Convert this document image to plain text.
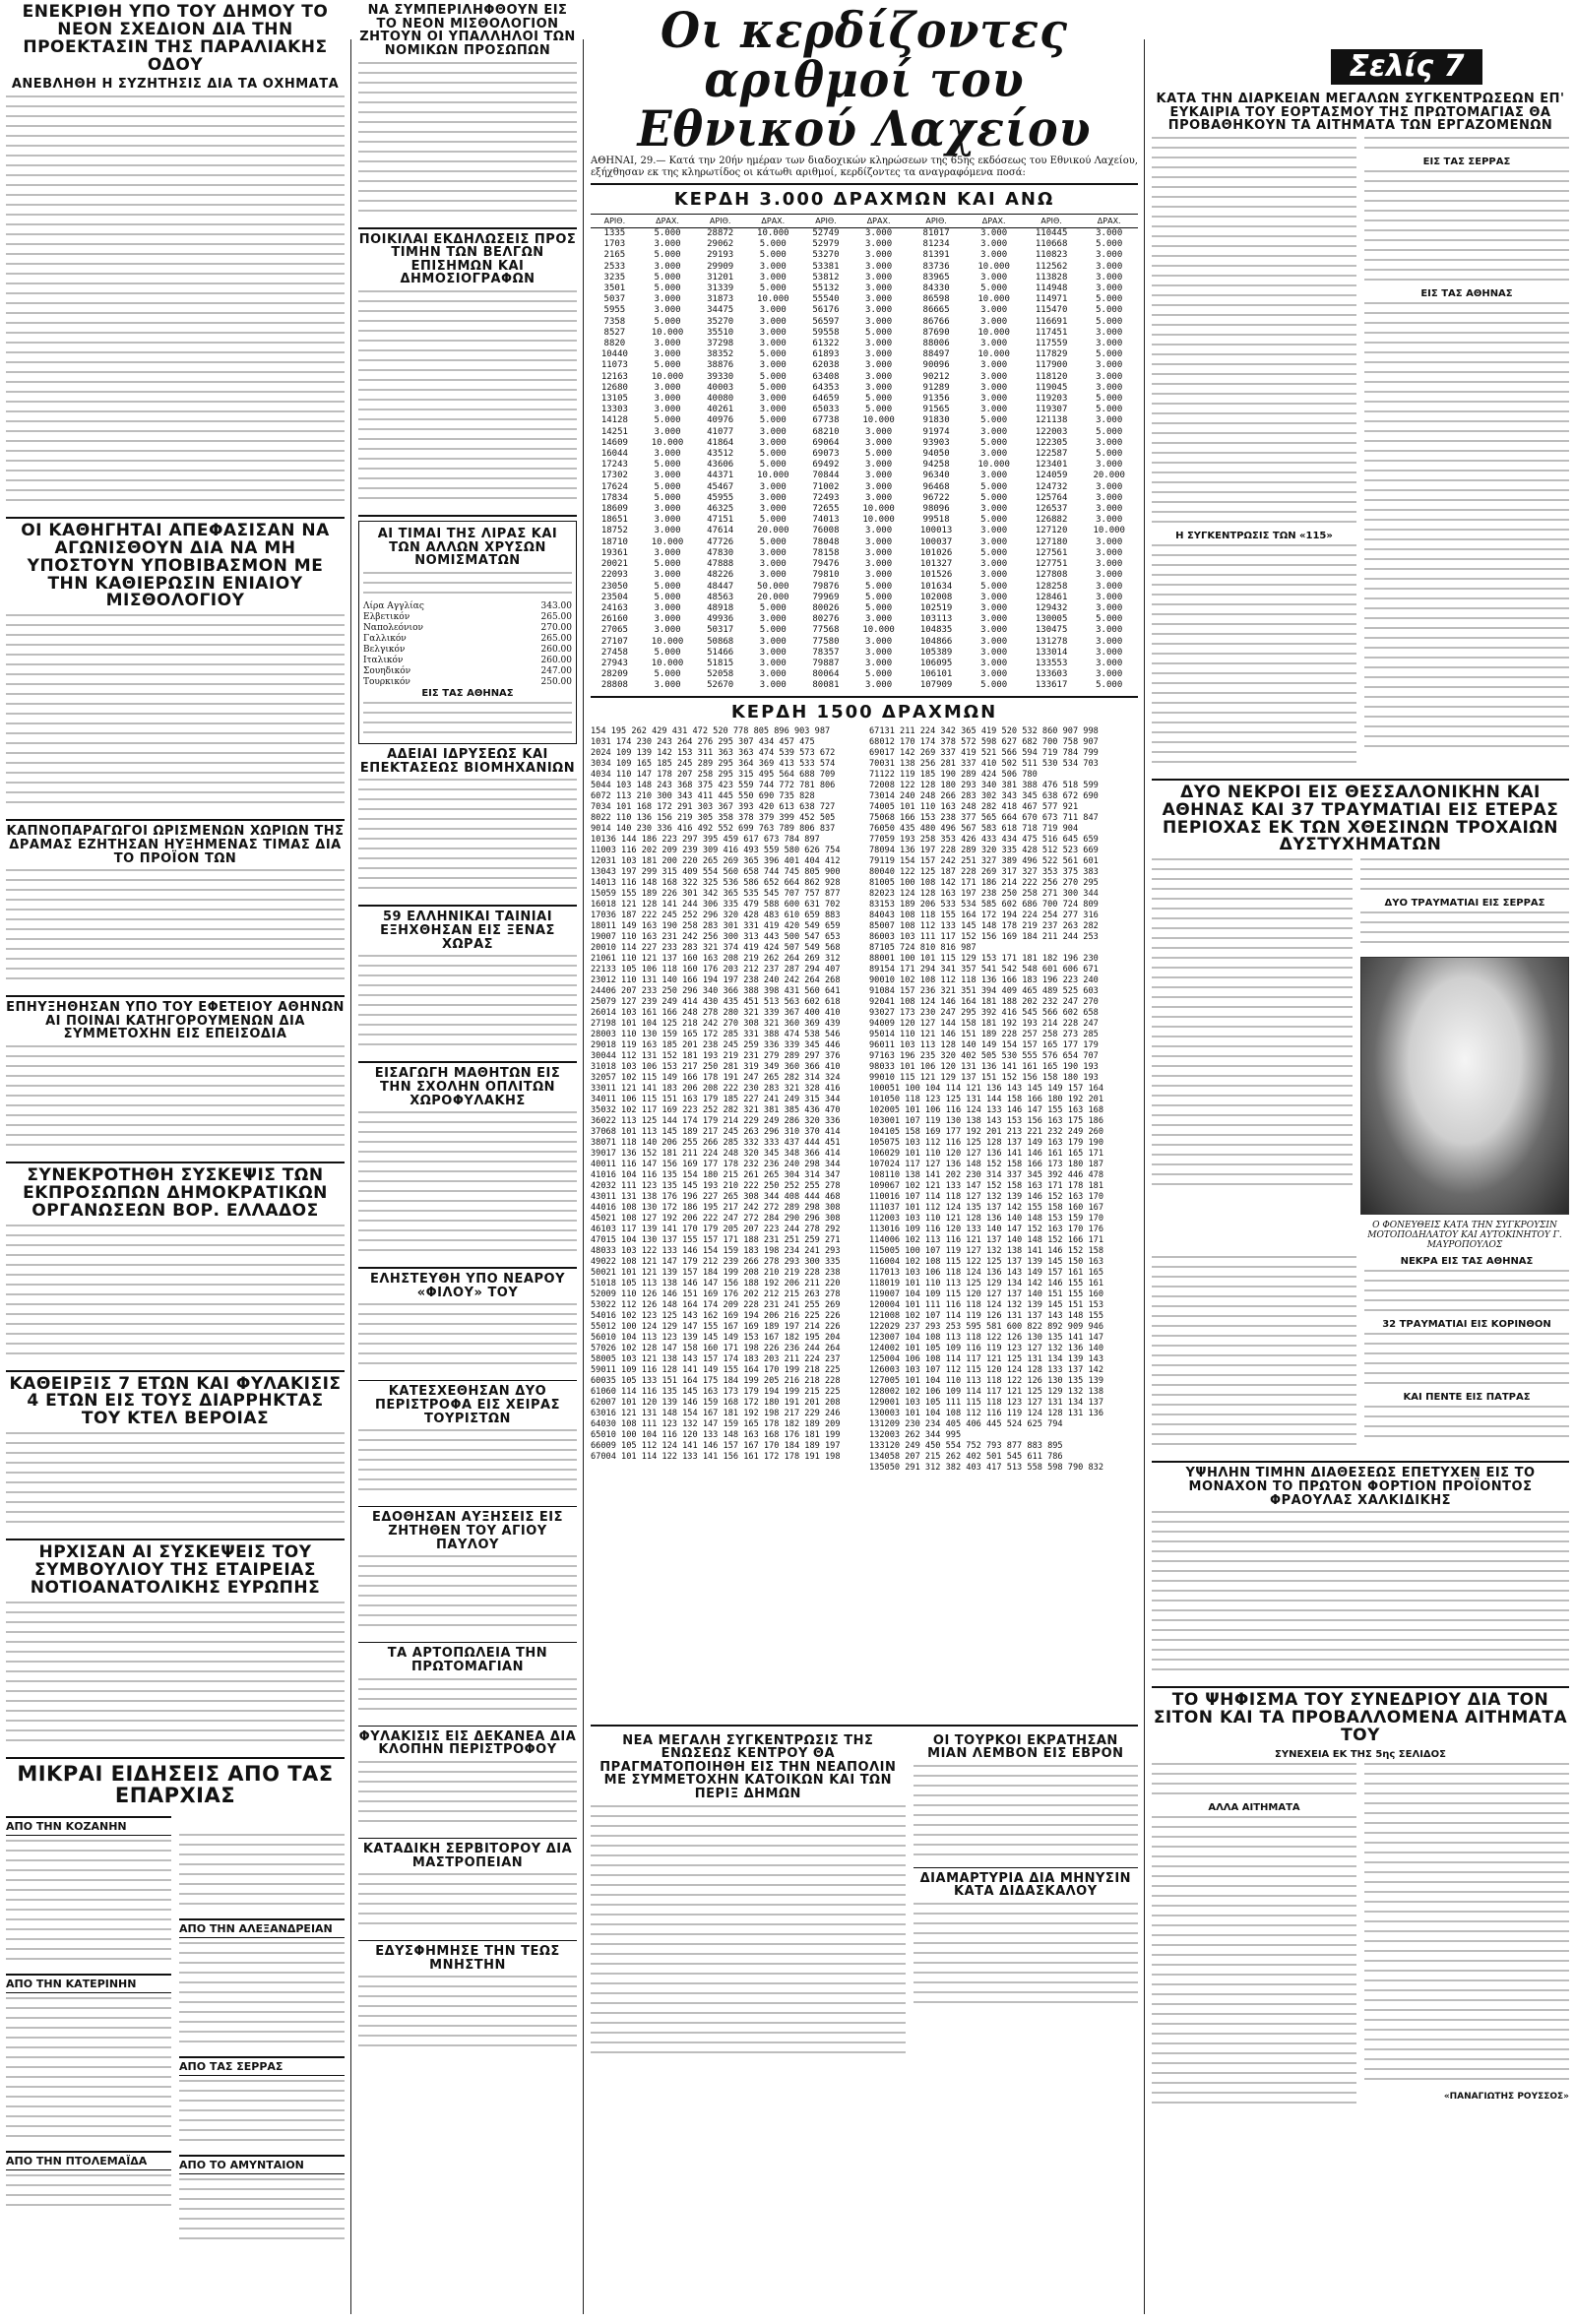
ΕΝΕΚΡΙΘΗ ΥΠΟ ΤΟΥ ΔΗΜΟΥ ΤΟ ΝΕΟΝ ΣΧΕΔΙΟΝ ΔΙΑ ΤΗΝ ΠΡΟΕΚΤΑΣΙΝ ΤΗΣ ΠΑΡΑΛΙΑΚΗΣ ΟΔΟΥ
ΑΝΕΒΛΗΘΗ Η ΣΥΖΗΤΗΣΙΣ ΔΙΑ ΤΑ ΟΧΗΜΑΤΑ
ΟΙ ΚΑΘΗΓΗΤΑΙ ΑΠΕΦΑΣΙΣΑΝ ΝΑ ΑΓΩΝΙΣΘΟΥΝ ΔΙΑ ΝΑ ΜΗ ΥΠΟΣΤΟΥΝ ΥΠΟΒΙΒΑΣΜΟΝ ΜΕ ΤΗΝ ΚΑΘΙΕΡΩΣΙΝ ΕΝΙΑΙΟΥ ΜΙΣΘΟΛΟΓΙΟΥ
ΚΑΠΝΟΠΑΡΑΓΩΓΟΙ ΩΡΙΣΜΕΝΩΝ ΧΩΡΙΩΝ ΤΗΣ ΔΡΑΜΑΣ ΕΖΗΤΗΣΑΝ ΗΥΞΗΜΕΝΑΣ ΤΙΜΑΣ ΔΙΑ ΤΟ ΠΡΟΪΟΝ ΤΩΝ
ΕΠΗΥΞΗΘΗΣΑΝ ΥΠΟ ΤΟΥ ΕΦΕΤΕΙΟΥ ΑΘΗΝΩΝ ΑΙ ΠΟΙΝΑΙ ΚΑΤΗΓΟΡΟΥΜΕΝΩΝ ΔΙΑ ΣΥΜΜΕΤΟΧΗΝ ΕΙΣ ΕΠΕΙΣΟΔΙΑ
ΣΥΝΕΚΡΟΤΗΘΗ ΣΥΣΚΕΨΙΣ ΤΩΝ ΕΚΠΡΟΣΩΠΩΝ ΔΗΜΟΚΡΑΤΙΚΩΝ ΟΡΓΑΝΩΣΕΩΝ ΒΟΡ. ΕΛΛΑΔΟΣ
ΚΑΘΕΙΡΞΙΣ 7 ΕΤΩΝ ΚΑΙ ΦΥΛΑΚΙΣΙΣ 4 ΕΤΩΝ ΕΙΣ ΤΟΥΣ ΔΙΑΡΡΗΚΤΑΣ ΤΟΥ ΚΤΕΛ ΒΕΡΟΙΑΣ
ΗΡΧΙΣΑΝ ΑΙ ΣΥΣΚΕΨΕΙΣ ΤΟΥ ΣΥΜΒΟΥΛΙΟΥ ΤΗΣ ΕΤΑΙΡΕΙΑΣ ΝΟΤΙΟΑΝΑΤΟΛΙΚΗΣ ΕΥΡΩΠΗΣ
ΜΙΚΡΑΙ ΕΙΔΗΣΕΙΣ ΑΠΟ ΤΑΣ ΕΠΑΡΧΙΑΣ
ΑΠΟ ΤΗΝ ΚΟΖΑΝΗΝ
ΑΠΟ ΤΗΝ ΚΑΤΕΡΙΝΗΝ
ΑΠΟ ΤΗΝ ΠΤΟΛΕΜΑΪΔΑ
ΑΠΟ ΤΗΝ ΑΛΕΞΑΝΔΡΕΙΑΝ
ΑΠΟ ΤΑΣ ΣΕΡΡΑΣ
ΑΠΟ ΤΟ ΑΜΥΝΤΑΙΟΝ
ΝΑ ΣΥΜΠΕΡΙΛΗΦΘΟΥΝ ΕΙΣ ΤΟ ΝΕΟΝ ΜΙΣΘΟΛΟΓΙΟΝ ΖΗΤΟΥΝ ΟΙ ΥΠΑΛΛΗΛΟΙ ΤΩΝ ΝΟΜΙΚΩΝ ΠΡΟΣΩΠΩΝ
ΠΟΙΚΙΛΑΙ ΕΚΔΗΛΩΣΕΙΣ ΠΡΟΣ ΤΙΜΗΝ ΤΩΝ ΒΕΛΓΩΝ ΕΠΙΣΗΜΩΝ ΚΑΙ ΔΗΜΟΣΙΟΓΡΑΦΩΝ
ΑΙ ΤΙΜΑΙ ΤΗΣ ΛΙΡΑΣ ΚΑΙ ΤΩΝ ΑΛΛΩΝ ΧΡΥΣΩΝ ΝΟΜΙΣΜΑΤΩΝ
Λίρα Αγγλίας	343.00
Ελβετικόν	265.00
Ναπολεόνιον	270.00
Γαλλικόν	265.00
Βελγικόν	260.00
Ιταλικόν	260.00
Σουηδικόν	247.00
Τουρκικόν	250.00
ΕΙΣ ΤΑΣ ΑΘΗΝΑΣ
ΑΔΕΙΑΙ ΙΔΡΥΣΕΩΣ ΚΑΙ ΕΠΕΚΤΑΣΕΩΣ ΒΙΟΜΗΧΑΝΙΩΝ
59 ΕΛΛΗΝΙΚΑΙ ΤΑΙΝΙΑΙ ΕΞΗΧΘΗΣΑΝ ΕΙΣ ΞΕΝΑΣ ΧΩΡΑΣ
ΕΙΣΑΓΩΓΗ ΜΑΘΗΤΩΝ ΕΙΣ ΤΗΝ ΣΧΟΛΗΝ ΟΠΛΙΤΩΝ ΧΩΡΟΦΥΛΑΚΗΣ
ΕΛΗΣΤΕΥΘΗ ΥΠΟ ΝΕΑΡΟΥ «ΦΙΛΟΥ» ΤΟΥ
ΚΑΤΕΣΧΕΘΗΣΑΝ ΔΥΟ ΠΕΡΙΣΤΡΟΦΑ ΕΙΣ ΧΕΙΡΑΣ ΤΟΥΡΙΣΤΩΝ
ΕΔΟΘΗΣΑΝ ΑΥΞΗΣΕΙΣ ΕΙΣ ΖΗΤΗΘΕΝ ΤΟΥ ΑΓΙΟΥ ΠΑΥΛΟΥ
ΤΑ ΑΡΤΟΠΩΛΕΙΑ ΤΗΝ ΠΡΩΤΟΜΑΓΙΑΝ
ΦΥΛΑΚΙΣΙΣ ΕΙΣ ΔΕΚΑΝΕΑ ΔΙΑ ΚΛΟΠΗΝ ΠΕΡΙΣΤΡΟΦΟΥ
ΚΑΤΑΔΙΚΗ ΣΕΡΒΙΤΟΡΟΥ ΔΙΑ ΜΑΣΤΡΟΠΕΙΑΝ
ΕΔΥΣΦΗΜΗΣΕ ΤΗΝ ΤΕΩΣ ΜΝΗΣΤΗΝ
Οι κερδίζοντες αριθμοί του Εθνικού Λαχείου
ΑΘΗΝΑΙ, 29.— Κατά την 20ήν ημέραν των διαδοχικών κληρώσεων της 65ης εκδόσεως του Εθνικού Λαχείου, εξήχθησαν εκ της κληρωτίδος οι κάτωθι αριθμοί, κερδίζοντες τα αναγραφόμενα ποσά:
ΚΕΡΔΗ 3.000 ΔΡΑΧΜΩΝ ΚΑΙ ΑΝΩ
ΑΡΙΘ.	ΔΡΑΧ.	ΑΡΙΘ.	ΔΡΑΧ.	ΑΡΙΘ.	ΔΡΑΧ.	ΑΡΙΘ.	ΔΡΑΧ.	ΑΡΙΘ.	ΔΡΑΧ.
1335	5.000	28872	10.000	52749	3.000	81017	3.000	110445	3.000
1703	3.000	29062	5.000	52979	3.000	81234	3.000	110668	5.000
2165	5.000	29193	5.000	53270	3.000	81391	3.000	110823	3.000
2533	3.000	29909	3.000	53381	3.000	83736	10.000	112562	3.000
3235	5.000	31201	3.000	53812	3.000	83965	3.000	113828	3.000
3501	5.000	31339	5.000	55132	3.000	84330	5.000	114948	3.000
5037	3.000	31873	10.000	55540	3.000	86598	10.000	114971	5.000
5955	3.000	34475	3.000	56176	3.000	86665	3.000	115470	5.000
7358	5.000	35270	3.000	56597	3.000	86766	3.000	116691	5.000
8527	10.000	35510	3.000	59558	5.000	87690	10.000	117451	3.000
8820	3.000	37298	3.000	61322	3.000	88006	3.000	117559	3.000
10440	3.000	38352	5.000	61893	3.000	88497	10.000	117829	5.000
11073	5.000	38876	3.000	62038	3.000	90096	3.000	117900	3.000
12163	10.000	39330	5.000	63408	3.000	90212	3.000	118120	3.000
12680	3.000	40003	5.000	64353	3.000	91289	3.000	119045	3.000
13105	3.000	40080	3.000	64659	5.000	91356	3.000	119203	5.000
13303	3.000	40261	3.000	65033	5.000	91565	3.000	119307	5.000
14128	5.000	40976	5.000	67738	10.000	91830	5.000	121138	3.000
14251	3.000	41077	3.000	68210	3.000	91974	3.000	122003	5.000
14609	10.000	41864	3.000	69064	3.000	93903	5.000	122305	3.000
16044	3.000	43512	5.000	69073	5.000	94050	3.000	122587	5.000
17243	5.000	43606	5.000	69492	3.000	94258	10.000	123401	3.000
17302	3.000	44371	10.000	70844	3.000	96340	3.000	124059	20.000
17624	5.000	45467	3.000	71002	3.000	96468	5.000	124732	3.000
17834	5.000	45955	3.000	72493	3.000	96722	5.000	125764	3.000
18609	3.000	46325	3.000	72655	10.000	98096	3.000	126537	3.000
18651	3.000	47151	5.000	74013	10.000	99518	5.000	126882	3.000
18752	3.000	47614	20.000	76008	3.000	100013	3.000	127120	10.000
18710	10.000	47726	5.000	78048	3.000	100037	3.000	127180	3.000
19361	3.000	47830	3.000	78158	3.000	101026	5.000	127561	3.000
20021	5.000	47888	3.000	79476	3.000	101327	3.000	127751	3.000
22093	3.000	48226	3.000	79810	3.000	101526	3.000	127808	3.000
23050	5.000	48447	50.000	79876	5.000	101634	5.000	128258	3.000
23504	5.000	48563	20.000	79969	5.000	102008	3.000	128461	3.000
24163	3.000	48918	5.000	80026	5.000	102519	3.000	129432	3.000
26160	3.000	49936	3.000	80276	3.000	103113	3.000	130005	5.000
27065	3.000	50317	5.000	77568	10.000	104835	3.000	130475	3.000
27107	10.000	50868	3.000	77580	3.000	104866	3.000	131278	3.000
27458	5.000	51466	3.000	78357	3.000	105389	3.000	133014	3.000
27943	10.000	51815	3.000	79887	3.000	106095	3.000	133553	3.000
28209	5.000	52058	3.000	80064	5.000	106101	3.000	133603	3.000
28808	3.000	52670	3.000	80081	3.000	107909	5.000	133617	5.000
ΚΕΡΔΗ 1500 ΔΡΑΧΜΩΝ
154 195 262 429 431 472 520 778 805 896 903 987
1031 174 230 243 264 276 295 307 434 457 475
2024 109 139 142 153 311 363 363 474 539 573 672
3034 109 165 185 245 289 295 364 369 413 533 574
4034 110 147 178 207 258 295 315 495 564 688 709
5044 103 148 243 368 375 423 559 744 772 781 806
6072 113 210 300 343 411 445 550 690 735 828
7034 101 168 172 291 303 367 393 420 613 638 727
8022 110 136 156 219 305 358 378 379 399 452 505
9014 140 230 336 416 492 552 699 763 789 806 837
10136 144 186 223 297 395 459 617 673 784 897
11003 116 202 209 239 309 416 493 559 580 626 754
12031 103 181 200 220 265 269 365 396 401 404 412
13043 197 299 315 409 554 560 658 744 745 805 900
14013 116 148 168 322 325 536 586 652 664 862 928
15059 155 189 226 301 342 365 535 545 707 757 877
16018 121 128 141 244 306 335 479 588 600 631 702
17036 187 222 245 252 296 320 428 483 610 659 883
18011 149 163 190 258 283 301 331 419 420 549 659
19007 110 163 231 242 256 300 313 443 500 547 653
20010 114 227 233 283 321 374 419 424 507 549 568
21061 110 121 137 160 163 208 219 262 264 269 312
22133 105 106 118 160 176 203 212 237 287 294 407
23012 110 131 140 166 194 197 238 240 242 264 268
24406 207 233 250 296 340 366 388 398 431 560 641
25079 127 239 249 414 430 435 451 513 563 602 618
26014 103 161 166 248 278 280 321 339 367 400 410
27198 101 104 125 218 242 270 308 321 360 369 439
28003 110 130 159 165 172 285 331 388 474 538 546
29018 119 163 185 201 238 245 259 336 339 345 446
30044 112 131 152 181 193 219 231 279 289 297 376
31018 103 106 153 217 250 281 319 349 360 366 410
32057 102 115 149 166 178 191 247 265 282 314 324
33011 121 141 183 206 208 222 230 283 321 328 416
34011 106 115 151 163 179 185 227 241 249 315 344
35032 102 117 169 223 252 282 321 381 385 436 470
36022 113 125 144 174 179 214 229 249 286 320 336
37068 101 113 145 189 217 245 263 296 310 370 414
38071 118 140 206 255 266 285 332 333 437 444 451
39017 136 152 181 211 224 248 320 345 348 366 414
40011 116 147 156 169 177 178 232 236 240 298 344
41016 104 116 135 154 180 215 261 265 304 314 347
42032 111 123 135 145 193 210 222 250 252 255 278
43011 131 138 176 196 227 265 308 344 408 444 468
44016 108 130 172 186 195 217 242 272 289 298 308
45021 108 127 192 206 222 247 272 284 290 296 308
46103 117 139 141 170 179 205 207 223 244 278 292
47015 104 130 137 155 157 171 188 231 251 259 271
48033 103 122 133 146 154 159 183 198 234 241 293
49022 108 121 147 179 212 239 266 278 293 300 335
50021 101 121 139 157 184 199 208 210 219 228 238
51018 105 113 138 146 147 156 188 192 206 211 220
52009 110 126 146 151 169 176 202 212 215 263 278
53022 112 126 148 164 174 209 228 231 241 255 269
54016 102 123 125 143 162 169 194 206 216 225 226
55012 100 124 129 147 155 167 169 189 197 214 226
56010 104 113 123 139 145 149 153 167 182 195 204
57026 102 128 147 158 160 171 198 226 236 244 264
58005 103 121 138 143 157 174 183 203 211 224 237
59011 109 116 128 141 149 155 164 170 199 218 225
60035 105 133 151 164 175 184 199 205 216 218 228
61060 114 116 135 145 163 173 179 194 199 215 225
62007 101 120 139 146 159 168 172 180 191 201 208
63016 121 131 148 154 167 181 192 198 217 229 246
64030 108 111 123 132 147 159 165 178 182 189 209
65010 100 104 116 120 133 148 163 168 176 181 199
66009 105 112 124 141 146 157 167 170 184 189 197
67004 101 114 122 133 141 156 161 172 178 191 198
67131 211 224 342 365 419 520 532 860 907 998
68012 170 174 378 572 598 627 682 700 758 907
69017 142 269 337 419 521 566 594 719 784 799
70031 138 256 281 337 410 502 511 530 534 703
71122 119 185 190 289 424 506 780
72008 122 128 180 293 340 381 388 476 518 599
73014 240 248 266 283 302 343 345 638 672 690
74005 101 110 163 248 282 418 467 577 921
75068 166 153 238 377 565 664 670 673 711 847
76050 435 480 496 567 583 618 718 719 904
77059 193 258 353 426 433 434 475 516 645 659
78094 136 197 228 289 320 335 428 512 523 669
79119 154 157 242 251 327 389 496 522 561 601
80040 122 125 187 228 269 317 327 353 375 383
81005 100 108 142 171 186 214 222 256 270 295
82023 124 128 163 197 238 250 258 271 300 344
83153 189 206 533 534 585 602 686 700 724 809
84043 108 118 155 164 172 194 224 254 277 316
85007 108 112 133 145 148 178 219 237 263 282
86003 103 111 117 152 156 169 184 211 244 253
87105 724 810 816 987
88001 100 101 115 129 153 171 181 182 196 230
89154 171 294 341 357 541 542 548 601 606 671
90010 102 108 112 118 136 166 183 196 223 240
91084 157 236 321 351 394 409 465 489 525 603
92041 108 124 146 164 181 188 202 232 247 270
93027 173 230 247 295 392 416 545 566 602 658
94009 120 127 144 158 181 192 193 214 228 247
95014 110 121 146 151 189 228 257 258 273 285
96011 103 113 128 140 149 154 157 165 177 179
97163 196 235 320 402 505 530 555 576 654 707
98033 101 106 120 131 136 141 161 165 190 193
99010 115 121 129 137 151 152 156 158 180 193
100051 100 104 114 121 136 143 145 149 157 164
101050 118 123 125 131 144 158 166 180 192 201
102005 101 106 116 124 133 146 147 155 163 168
103001 107 119 130 138 143 153 156 163 175 186
104105 158 169 177 192 201 213 221 232 249 260
105075 103 112 116 125 128 137 149 163 179 190
106029 101 110 120 127 136 141 146 161 165 171
107024 117 127 136 148 152 158 166 173 180 187
108110 138 141 202 230 314 337 345 392 446 478
109067 102 121 133 147 152 158 163 171 178 181
110016 107 114 118 127 132 139 146 152 163 170
111037 101 112 124 135 137 142 155 158 160 167
112003 103 110 121 128 136 140 148 153 159 170
113016 109 116 120 133 140 147 152 163 170 176
114006 102 113 116 121 137 140 148 152 166 171
115005 100 107 119 127 132 138 141 146 152 158
116004 102 108 115 122 125 137 139 145 150 163
117013 103 106 118 124 136 143 149 157 161 165
118019 101 110 113 125 129 134 142 146 155 161
119007 104 109 115 120 127 137 140 151 155 160
120004 101 111 116 118 124 132 139 145 151 153
121008 102 107 114 119 126 131 137 143 148 155
122029 237 293 253 595 581 600 822 892 909 946
123007 104 108 113 118 122 126 130 135 141 147
124002 101 105 109 116 119 123 127 132 136 140
125004 106 108 114 117 121 125 131 134 139 143
126003 103 107 112 115 120 124 128 133 137 142
127005 101 104 110 113 118 122 126 130 135 139
128002 102 106 109 114 117 121 125 129 132 138
129001 103 105 111 115 118 123 127 131 134 137
130003 101 104 108 112 116 119 124 128 131 136
131209 230 234 405 406 445 524 625 794
132003 262 344 995
133120 249 450 554 752 793 877 883 895
134058 207 215 262 402 501 545 611 786
135050 291 312 382 403 417 513 558 598 790 832
ΝΕΑ ΜΕΓΑΛΗ ΣΥΓΚΕΝΤΡΩΣΙΣ ΤΗΣ ΕΝΩΣΕΩΣ ΚΕΝΤΡΟΥ ΘΑ ΠΡΑΓΜΑΤΟΠΟΙΗΘΗ ΕΙΣ ΤΗΝ ΝΕΑΠΟΛΙΝ ΜΕ ΣΥΜΜΕΤΟΧΗΝ ΚΑΤΟΙΚΩΝ ΚΑΙ ΤΩΝ ΠΕΡΙΞ ΔΗΜΩΝ
ΟΙ ΤΟΥΡΚΟΙ ΕΚΡΑΤΗΣΑΝ ΜΙΑΝ ΛΕΜΒΟΝ ΕΙΣ ΕΒΡΟΝ
ΔΙΑΜΑΡΤΥΡΙΑ ΔΙΑ ΜΗΝΥΣΙΝ ΚΑΤΑ ΔΙΔΑΣΚΑΛΟΥ
Σελίς 7
ΚΑΤΑ ΤΗΝ ΔΙΑΡΚΕΙΑΝ ΜΕΓΑΛΩΝ ΣΥΓΚΕΝΤΡΩΣΕΩΝ ΕΠ' ΕΥΚΑΙΡΙΑ ΤΟΥ ΕΟΡΤΑΣΜΟΥ ΤΗΣ ΠΡΩΤΟΜΑΓΙΑΣ ΘΑ ΠΡΟΒΑΘΗΚΟΥΝ ΤΑ ΑΙΤΗΜΑΤΑ ΤΩΝ ΕΡΓΑΖΟΜΕΝΩΝ
Η ΣΥΓΚΕΝΤΡΩΣΙΣ ΤΩΝ «115»
ΕΙΣ ΤΑΣ ΣΕΡΡΑΣ
ΕΙΣ ΤΑΣ ΑΘΗΝΑΣ
ΔΥΟ ΝΕΚΡΟΙ ΕΙΣ ΘΕΣΣΑΛΟΝΙΚΗΝ ΚΑΙ ΑΘΗΝΑΣ ΚΑΙ 37 ΤΡΑΥΜΑΤΙΑΙ ΕΙΣ ΕΤΕΡΑΣ ΠΕΡΙΟΧΑΣ ΕΚ ΤΩΝ ΧΘΕΣΙΝΩΝ ΤΡΟΧΑΙΩΝ ΔΥΣΤΥΧΗΜΑΤΩΝ
ΔΥΟ ΤΡΑΥΜΑΤΙΑΙ ΕΙΣ ΣΕΡΡΑΣ
Ο ΦΟΝΕΥΘΕΙΣ ΚΑΤΑ ΤΗΝ ΣΥΓΚΡΟΥΣΙΝ ΜΟΤΟΠΟΔΗΛΑΤΟΥ ΚΑΙ ΑΥΤΟΚΙΝΗΤΟΥ Γ. ΜΑΥΡΟΠΟΥΛΟΣ
ΝΕΚΡΑ ΕΙΣ ΤΑΣ ΑΘΗΝΑΣ
32 ΤΡΑΥΜΑΤΙΑΙ ΕΙΣ ΚΟΡΙΝΘΟΝ
ΚΑΙ ΠΕΝΤΕ ΕΙΣ ΠΑΤΡΑΣ
ΥΨΗΛΗΝ ΤΙΜΗΝ ΔΙΑΘΕΣΕΩΣ ΕΠΕΤΥΧΕΝ ΕΙΣ ΤΟ ΜΟΝΑΧΟΝ ΤΟ ΠΡΩΤΟΝ ΦΟΡΤΙΟΝ ΠΡΟΪΟΝΤΟΣ ΦΡΑΟΥΛΑΣ ΧΑΛΚΙΔΙΚΗΣ
ΤΟ ΨΗΦΙΣΜΑ ΤΟΥ ΣΥΝΕΔΡΙΟΥ ΔΙΑ ΤΟΝ ΣΙΤΟΝ ΚΑΙ ΤΑ ΠΡΟΒΑΛΛΟΜΕΝΑ ΑΙΤΗΜΑΤΑ ΤΟΥ
ΣΥΝΕΧΕΙΑ ΕΚ ΤΗΣ 5ης ΣΕΛΙΔΟΣ
ΑΛΛΑ ΑΙΤΗΜΑΤΑ
«ΠΑΝΑΓΙΩΤΗΣ ΡΟΥΣΣΟΣ»
